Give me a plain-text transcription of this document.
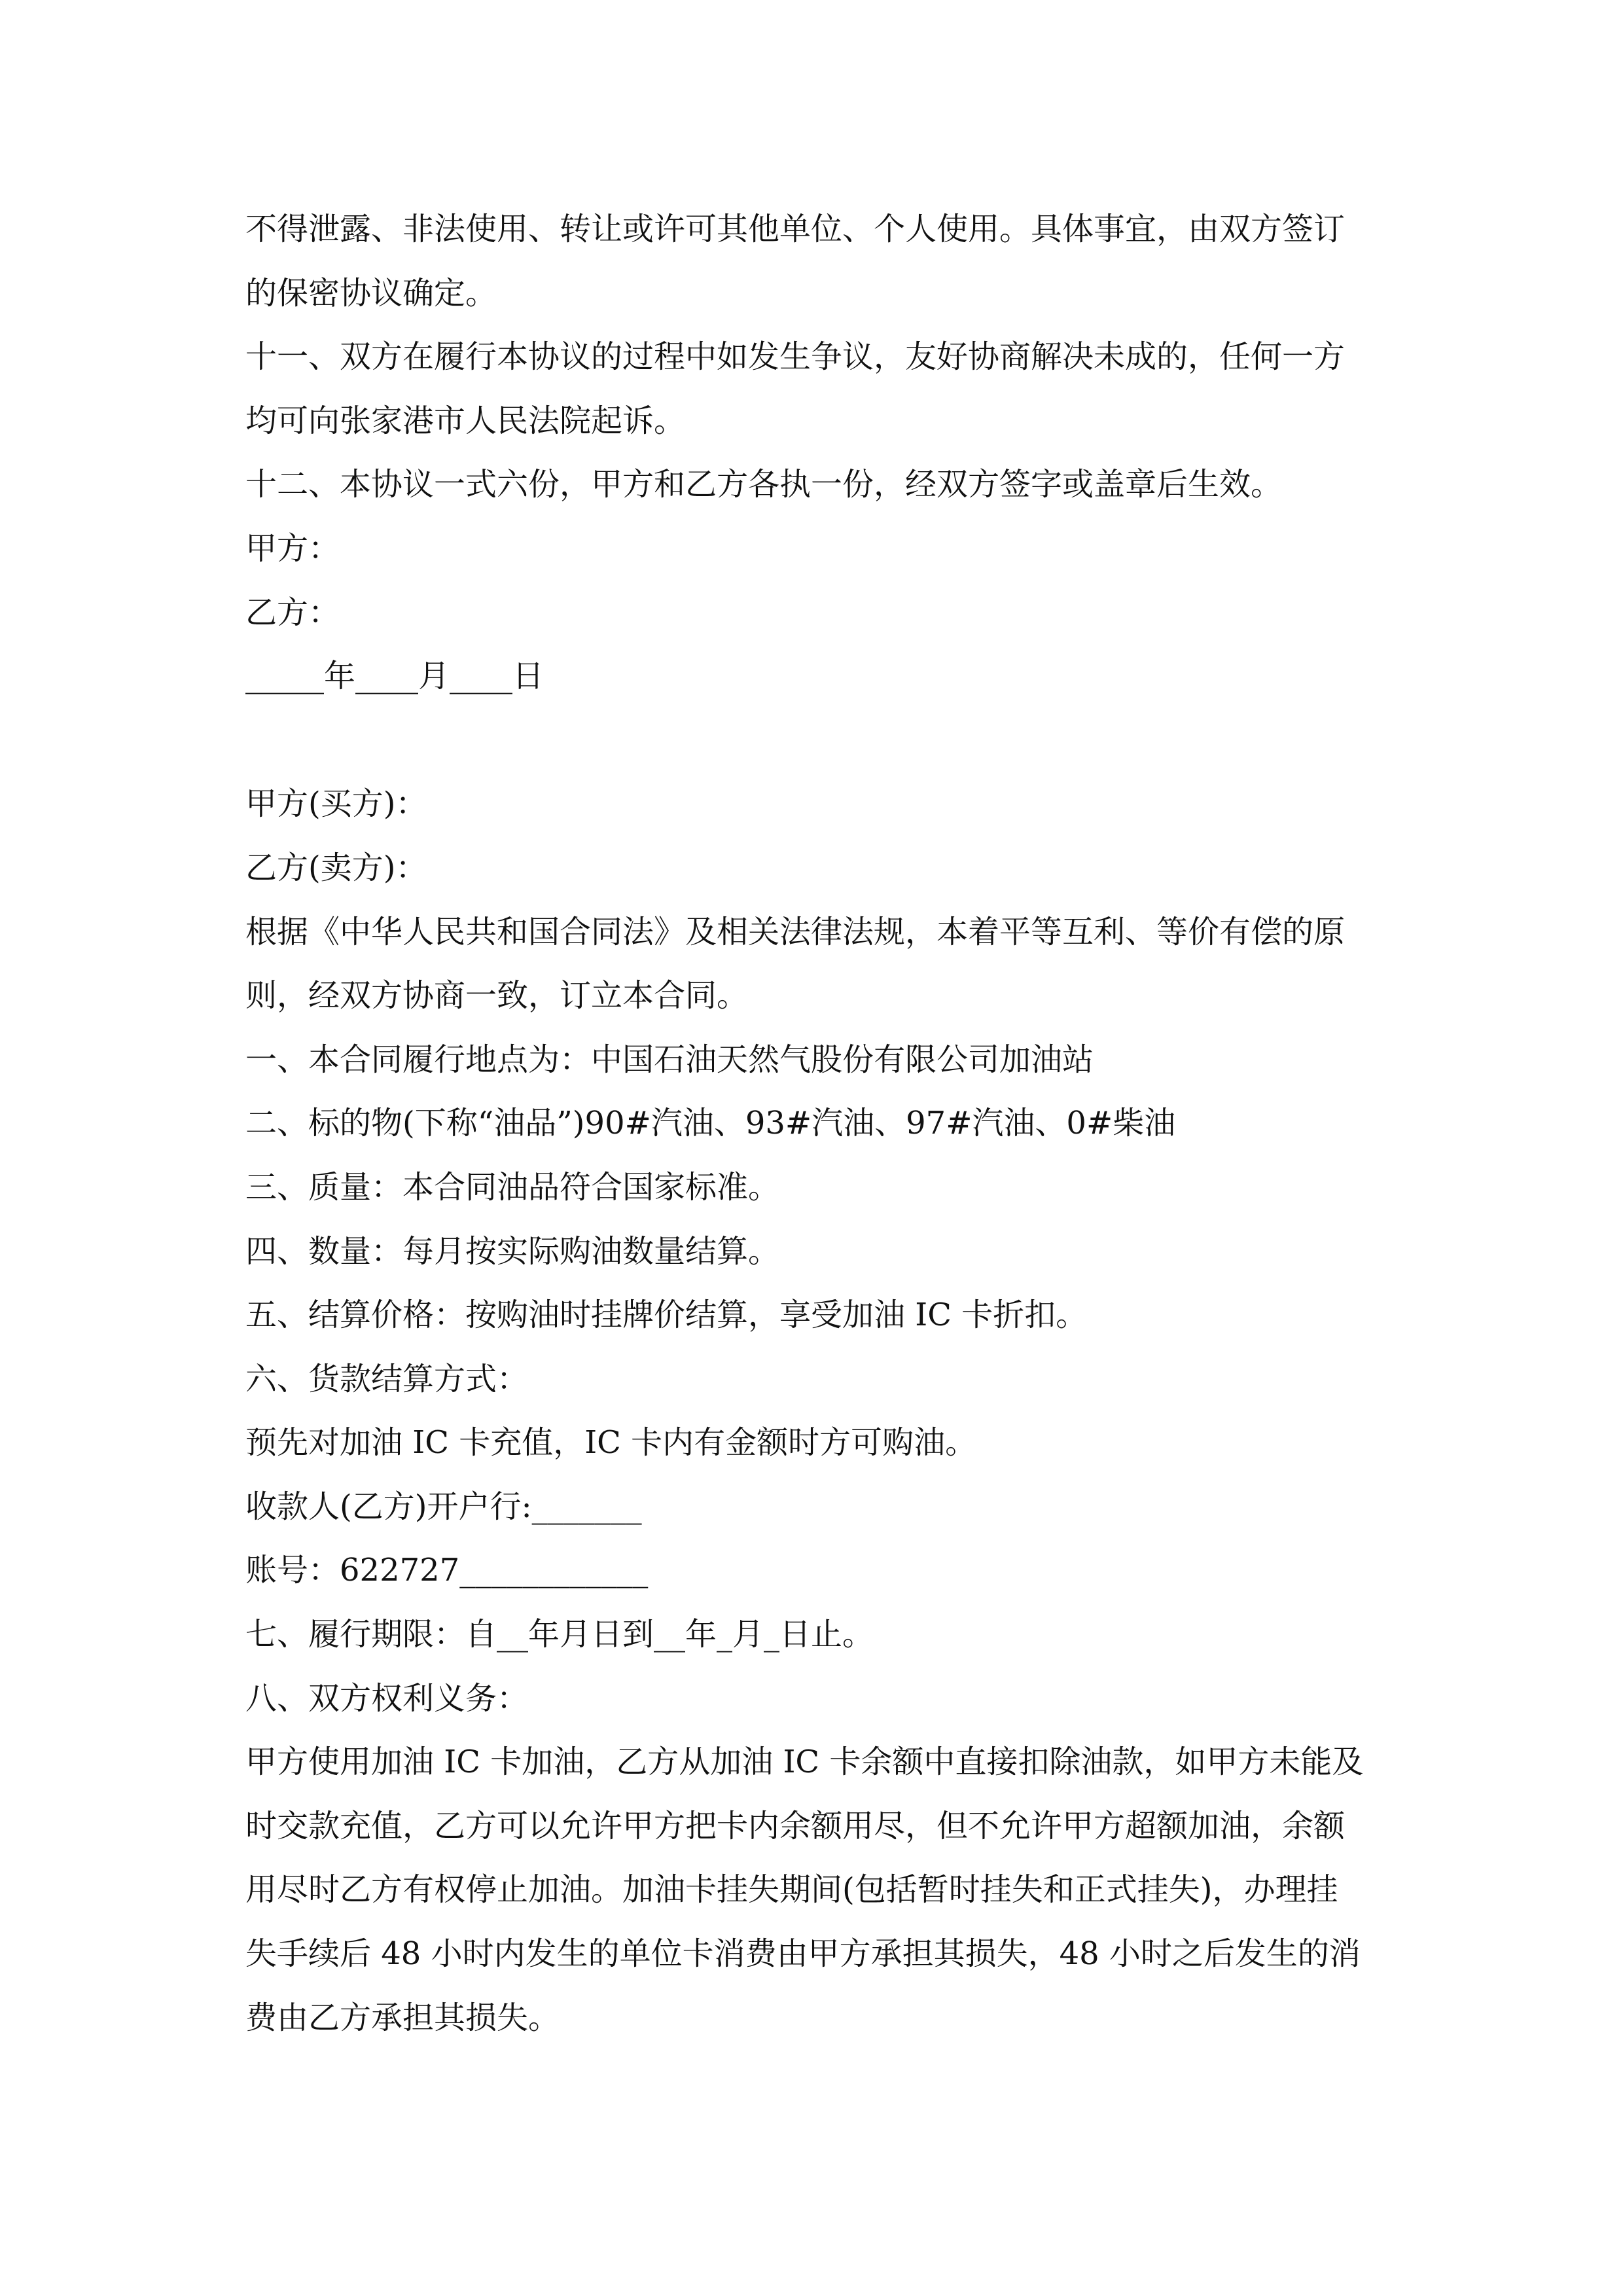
不得泄露、非法使用、转让或许可其他单位、个人使用。具体事宜，由双方签订
的保密协议确定。
十一、双方在履行本协议的过程中如发生争议，友好协商解决未成的，任何一方
均可向张家港市人民法院起诉。
十二、本协议一式六份，甲方和乙方各执一份，经双方签字或盖章后生效。
甲方：
乙方：
_____年____月____日
甲方(买方)：
乙方(卖方)：
根据《中华人民共和国合同法》及相关法律法规，本着平等互利、等价有偿的原
则，经双方协商一致，订立本合同。
一、本合同履行地点为：中国石油天然气股份有限公司加油站
二、标的物(下称“油品”)90#汽油、93#汽油、97#汽油、0#柴油
三、质量：本合同油品符合国家标准。
四、数量：每月按实际购油数量结算。
五、结算价格：按购油时挂牌价结算，享受加油 IC 卡折扣。
六、货款结算方式：
预先对加油 IC 卡充值，IC 卡内有金额时方可购油。
收款人(乙方)开户行:_______
账号：622727____________
七、履行期限：自__年月日到__年_月_日止。
八、双方权利义务：
甲方使用加油 IC 卡加油，乙方从加油 IC 卡余额中直接扣除油款，如甲方未能及
时交款充值，乙方可以允许甲方把卡内余额用尽，但不允许甲方超额加油，余额
用尽时乙方有权停止加油。加油卡挂失期间(包括暂时挂失和正式挂失)，办理挂
失手续后 48 小时内发生的单位卡消费由甲方承担其损失，48 小时之后发生的消
费由乙方承担其损失。
